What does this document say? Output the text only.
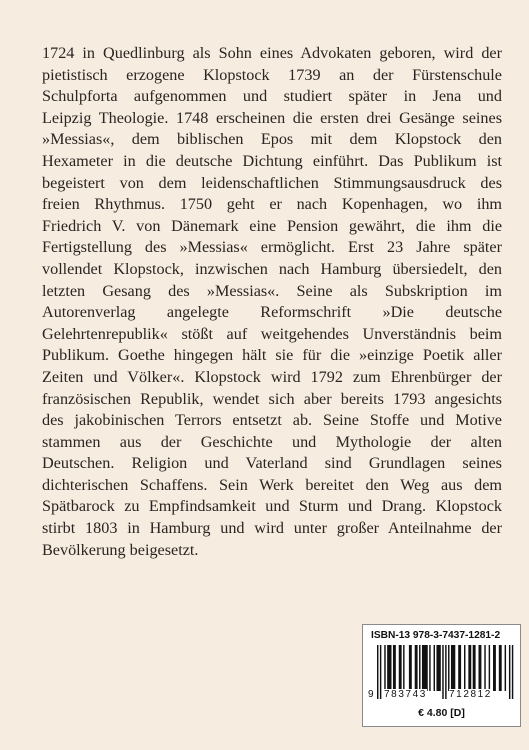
1724 in Quedlinburg als Sohn eines Advokaten geboren, wird der
pietistisch erzogene Klopstock 1739 an der Fürstenschule
Schulpforta aufgenommen und studiert später in Jena und
Leipzig Theologie. 1748 erscheinen die ersten drei Gesänge seines
»Messias«, dem biblischen Epos mit dem Klopstock den
Hexameter in die deutsche Dichtung einführt. Das Publikum ist
begeistert von dem leidenschaftlichen Stimmungsausdruck des
freien Rhythmus. 1750 geht er nach Kopenhagen, wo ihm
Friedrich V. von Dänemark eine Pension gewährt, die ihm die
Fertigstellung des »Messias« ermöglicht. Erst 23 Jahre später
vollendet Klopstock, inzwischen nach Hamburg übersiedelt, den
letzten Gesang des »Messias«. Seine als Subskription im
Autorenverlag angelegte Reformschrift »Die deutsche
Gelehrtenrepublik« stößt auf weitgehendes Unverständnis beim
Publikum. Goethe hingegen hält sie für die »einzige Poetik aller
Zeiten und Völker«. Klopstock wird 1792 zum Ehrenbürger der
französischen Republik, wendet sich aber bereits 1793 angesichts
des jakobinischen Terrors entsetzt ab. Seine Stoffe und Motive
stammen aus der Geschichte und Mythologie der alten
Deutschen. Religion und Vaterland sind Grundlagen seines
dichterischen Schaffens. Sein Werk bereitet den Weg aus dem
Spätbarock zu Empfindsamkeit und Sturm und Drang. Klopstock
stirbt 1803 in Hamburg und wird unter großer Anteilnahme der
Bevölkerung beigesetzt.
ISBN-13 978-3-7437-1281-2
9 783743 712812
€ 4.80 [D]
